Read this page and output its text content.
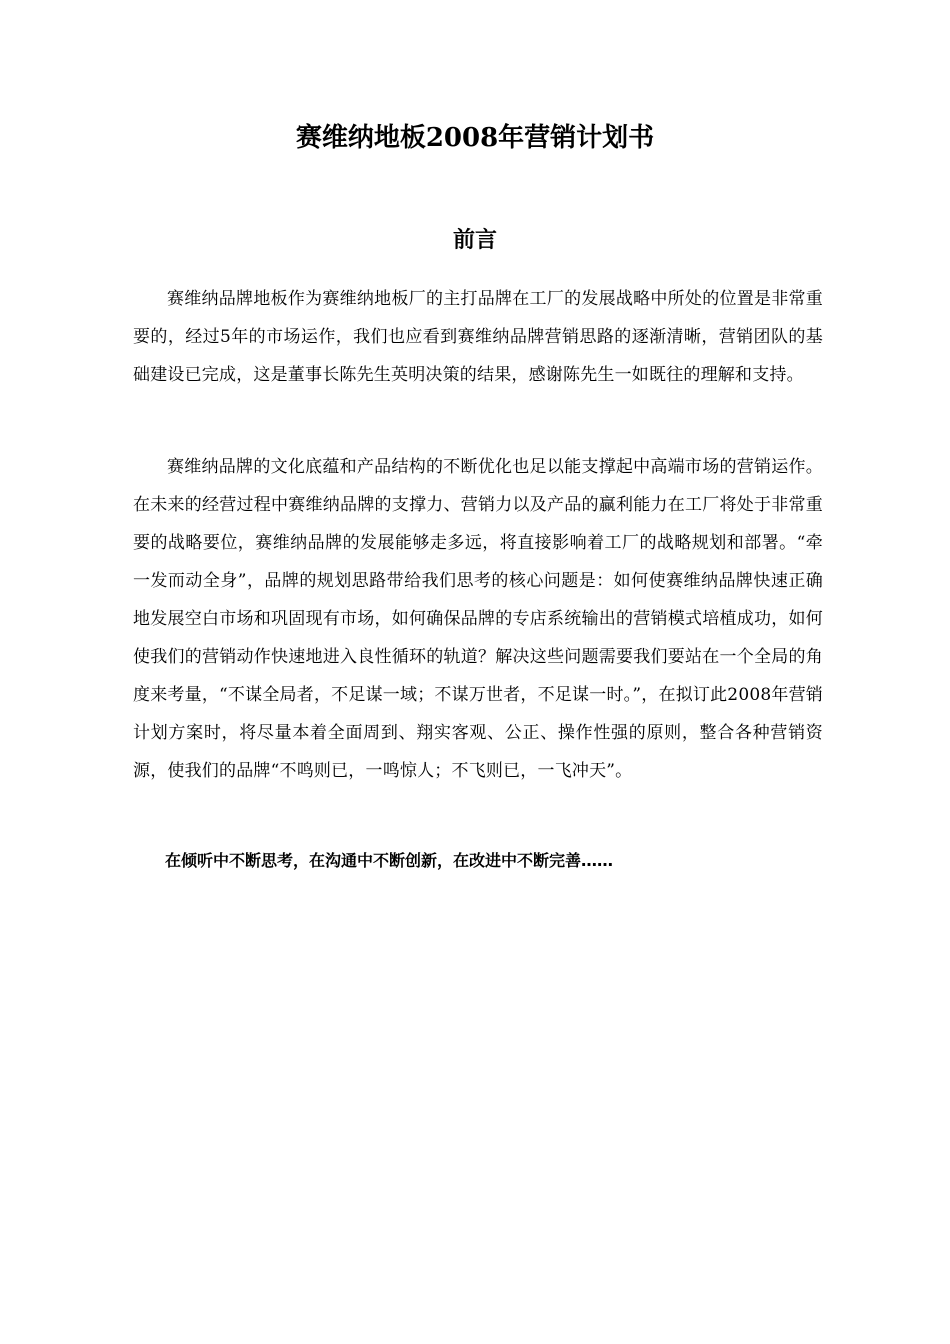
赛维纳地板2008年营销计划书
前言

赛维纳品牌地板作为赛维纳地板厂的主打品牌在工厂的发展战略中所处的位置是非常重要的，经过5年的市场运作，我们也应看到赛维纳品牌营销思路的逐渐清晰，营销团队的基础建设已完成，这是董事长陈先生英明决策的结果，感谢陈先生一如既往的理解和支持。

赛维纳品牌的文化底蕴和产品结构的不断优化也足以能支撑起中高端市场的营销运作。在未来的经营过程中赛维纳品牌的支撑力、营销力以及产品的赢利能力在工厂将处于非常重要的战略要位，赛维纳品牌的发展能够走多远，将直接影响着工厂的战略规划和部署。“牵一发而动全身”，品牌的规划思路带给我们思考的核心问题是：如何使赛维纳品牌快速正确地发展空白市场和巩固现有市场，如何确保品牌的专店系统输出的营销模式培植成功，如何使我们的营销动作快速地进入良性循环的轨道？解决这些问题需要我们要站在一个全局的角度来考量，“不谋全局者，不足谋一域；不谋万世者，不足谋一时。”，在拟订此2008年营销计划方案时，将尽量本着全面周到、翔实客观、公正、操作性强的原则，整合各种营销资源，使我们的品牌“不鸣则已，一鸣惊人；不飞则已，一飞冲天”。

在倾听中不断思考，在沟通中不断创新，在改进中不断完善……
